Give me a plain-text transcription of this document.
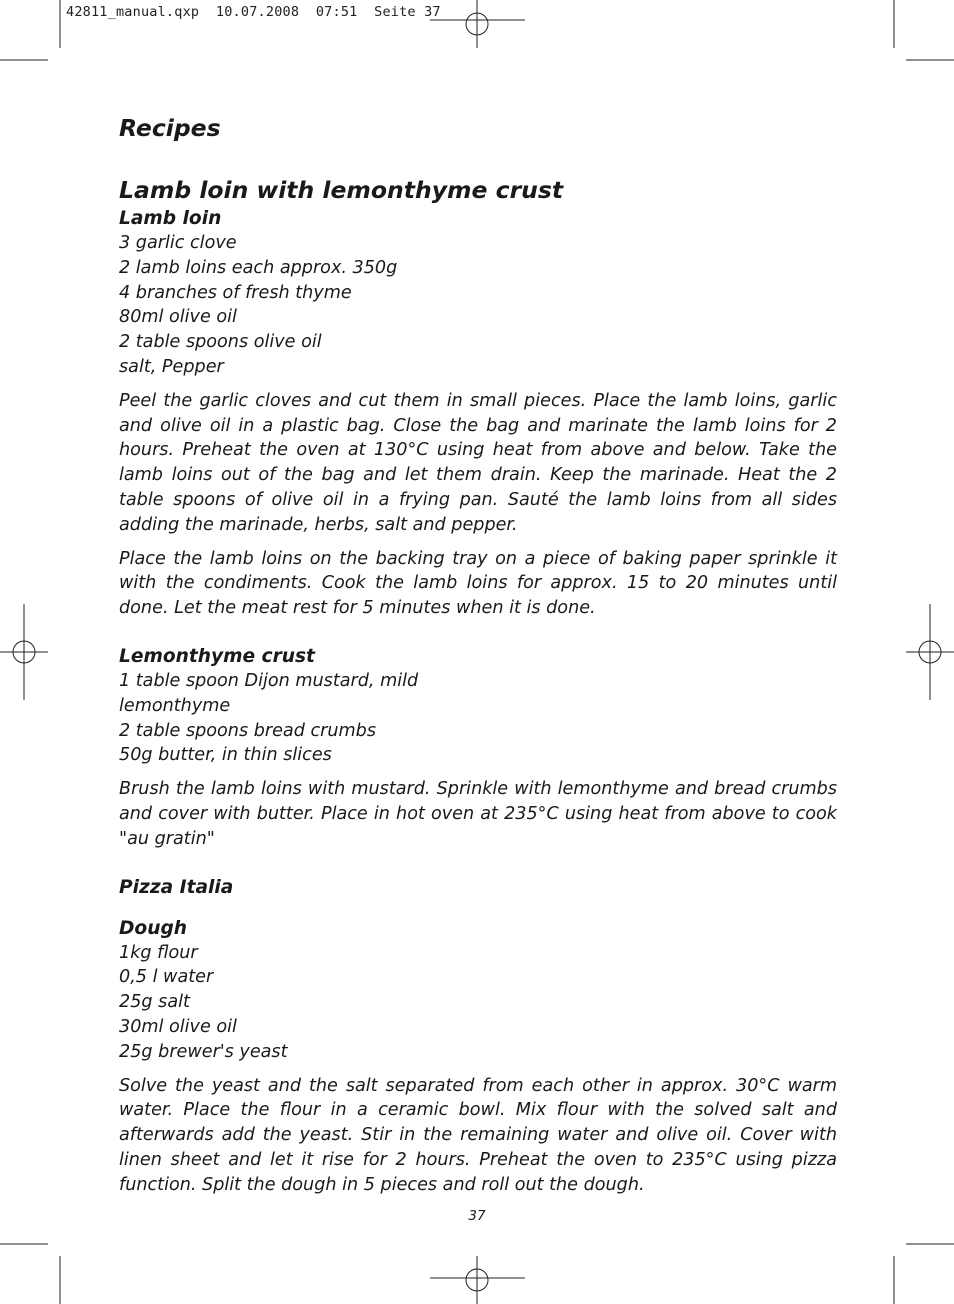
42811_manual.qxp  10.07.2008  07:51  Seite 37
Recipes
Lamb loin with lemonthyme crust
Lamb loin
3 garlic clove
2 lamb loins each approx. 350g
4 branches of fresh thyme
80ml olive oil
2 table spoons olive oil
salt, Pepper

Peel the garlic cloves and cut them in small pieces. Place the lamb loins, garlic and olive oil in a plastic bag. Close the bag and marinate the lamb loins for 2 hours. Preheat the oven at 130°C using heat from above and below. Take the lamb loins out of the bag and let them drain. Keep the marinade. Heat the 2 table spoons of olive oil in a frying pan. Sauté the lamb loins from all sides adding the marinade, herbs, salt and pepper.

Place the lamb loins on the backing tray on a piece of baking paper sprinkle it with the condiments. Cook the lamb loins for approx. 15 to 20 minutes until done. Let the meat rest for 5 minutes when it is done.

Lemonthyme crust
1 table spoon Dijon mustard, mild
lemonthyme
2 table spoons bread crumbs
50g butter, in thin slices

Brush the lamb loins with mustard. Sprinkle with lemonthyme and bread crumbs and cover with butter. Place in hot oven at 235°C using heat from above to cook "au gratin"

Pizza Italia
Dough
1kg flour
0,5 l water
25g salt
30ml olive oil
25g brewer's yeast

Solve the yeast and the salt separated from each other in approx. 30°C warm water. Place the flour in a ceramic bowl. Mix flour with the solved salt and afterwards add the yeast. Stir in the remaining water and olive oil. Cover with linen sheet and let it rise for 2 hours. Preheat the oven to 235°C using pizza function. Split the dough in 5 pieces and roll out the dough.

37
